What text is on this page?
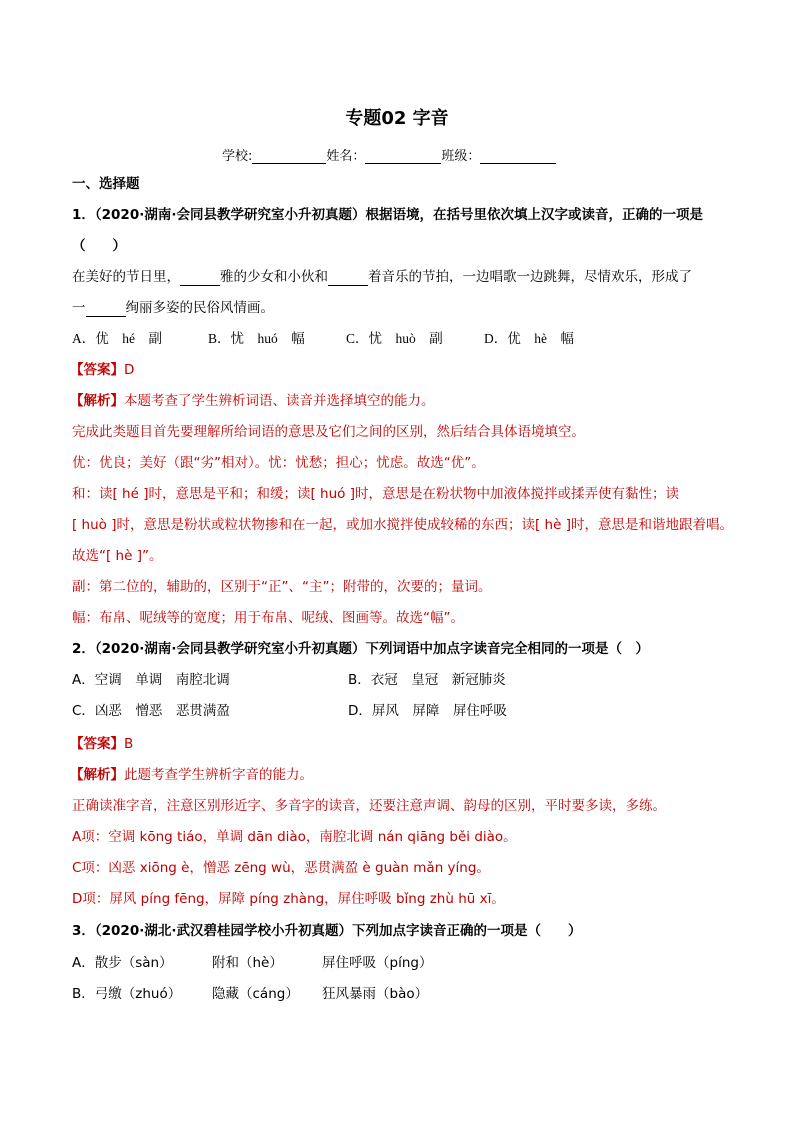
专题02 字音
学校:	姓名：	班级：
一、选择题
1．（2020·湖南·会同县教学研究室小升初真题）根据语境，在括号里依次填上汉字或读音，正确的一项是
（　　）
在美好的节日里，	雅的少女和小伙和	着音乐的节拍，一边唱歌一边跳舞，尽情欢乐，形成了
一	绚丽多姿的民俗风情画。
A．优　hé　副	B．忧　huó　幅	C．忧　huò　副	D．优　hè　幅
【答案】D
【解析】本题考查了学生辨析词语、读音并选择填空的能力。
完成此类题目首先要理解所给词语的意思及它们之间的区别，然后结合具体语境填空。
优：优良；美好（跟“劣”相对）。忧：忧愁；担心；忧虑。故选“优”。
和：读[ hé ]时，意思是平和；和缓；读[ huó ]时，意思是在粉状物中加液体搅拌或揉弄使有黏性；读
[ huò ]时，意思是粉状或粒状物掺和在一起，或加水搅拌使成较稀的东西；读[ hè ]时，意思是和谐地跟着唱。
故选“[ hè ]”。
副：第二位的，辅助的，区别于“正”、“主”；附带的，次要的；量词。
幅：布帛、呢绒等的宽度；用于布帛、呢绒、图画等。故选“幅”。
2．（2020·湖南·会同县教学研究室小升初真题）下列词语中加点字读音完全相同的一项是（　）
A．空调　 单调　 南腔北调	B．衣冠　 皇冠　 新冠肺炎
C．凶恶　 憎恶　 恶贯满盈	D．屏风　 屏障　 屏住呼吸
【答案】B
【解析】此题考查学生辨析字音的能力。
正确读准字音，注意区别形近字、多音字的读音，还要注意声调、韵母的区别，平时要多读，多练。
A项：空调 kōng tiáo，单调 dān diào，南腔北调 nán qiāng běi diào。
C项：凶恶 xiōng è，憎恶 zēng wù，恶贯满盈 è guàn mǎn yíng。
D项：屏风 píng fēng，屏障 píng zhàng，屏住呼吸 bǐng zhù hū xī。
3．（2020·湖北·武汉碧桂园学校小升初真题）下列加点字读音正确的一项是（　　）
A．散步（sàn）	附和（hè）	屏住呼吸（píng）
B．弓缴（zhuó） 隐藏（cáng） 狂风暴雨（bào）
